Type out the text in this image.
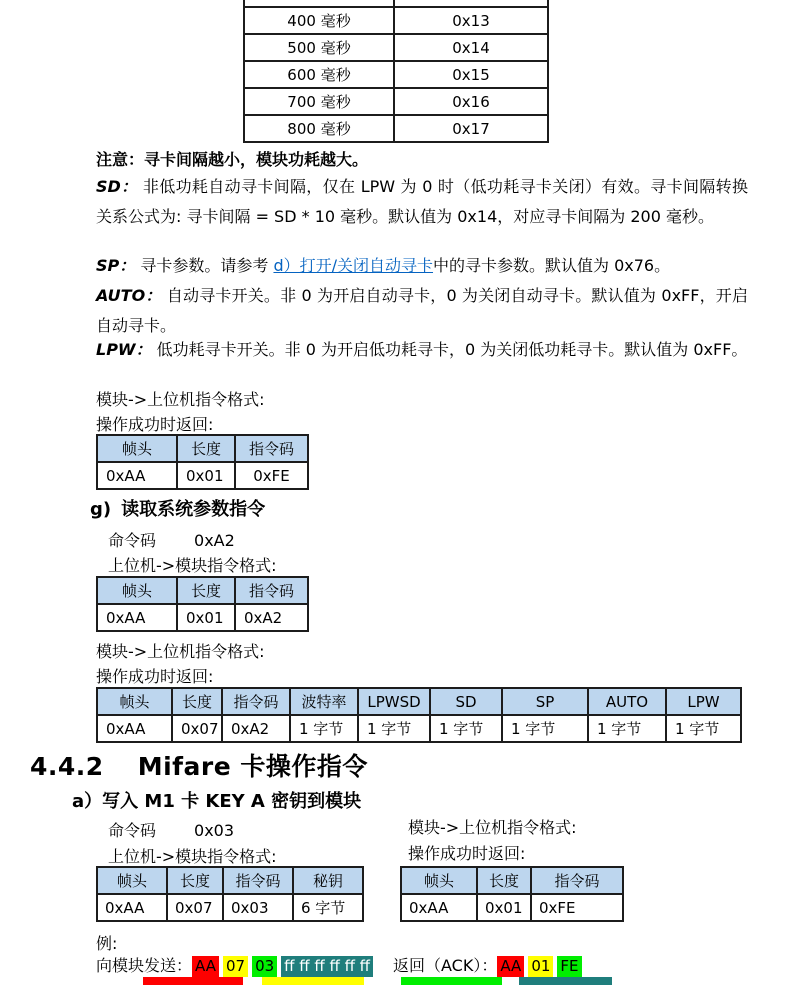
400 毫秒	0x13
500 毫秒	0x14
600 毫秒	0x15
700 毫秒	0x16
800 毫秒	0x17

注意：寻卡间隔越小，模块功耗越大。

SD： 非低功耗自动寻卡间隔，仅在 LPW 为 0 时（低功耗寻卡关闭）有效。寻卡间隔转换关系公式为: 寻卡间隔 = SD * 10 毫秒。默认值为 0x14，对应寻卡间隔为 200 毫秒。

SP： 寻卡参数。请参考 d）打开/关闭自动寻卡中的寻卡参数。默认值为 0x76。

AUTO： 自动寻卡开关。非 0 为开启自动寻卡，0 为关闭自动寻卡。默认值为 0xFF，开启自动寻卡。

LPW： 低功耗寻卡开关。非 0 为开启低功耗寻卡，0 为关闭低功耗寻卡。默认值为 0xFF。

模块->上位机指令格式:

操作成功时返回:

帧头	长度	指令码
0xAA	0x01	0xFE
g) 读取系统参数指令

命令码 0xA2

上位机->模块指令格式:

帧头	长度	指令码
0xAA	0x01	0xA2

模块->上位机指令格式:

操作成功时返回:

帧头	长度	指令码	波特率	LPWSD	SD	SP	AUTO	LPW
0xAA	0x07	0xA2	1 字节	1 字节	1 字节	1 字节	1 字节	1 字节
4.4.2 Mifare 卡操作指令
a）写入 M1 卡 KEY A 密钥到模块

命令码 0x03

上位机->模块指令格式:

模块->上位机指令格式:

操作成功时返回:

帧头	长度	指令码	秘钥
0xAA	0x07	0x03	6 字节
帧头	长度	指令码
0xAA	0x01	0xFE

例:

向模块发送： AA 07 03 ff ff ff ff ff ff 返回（ACK）： AA 01 FE
